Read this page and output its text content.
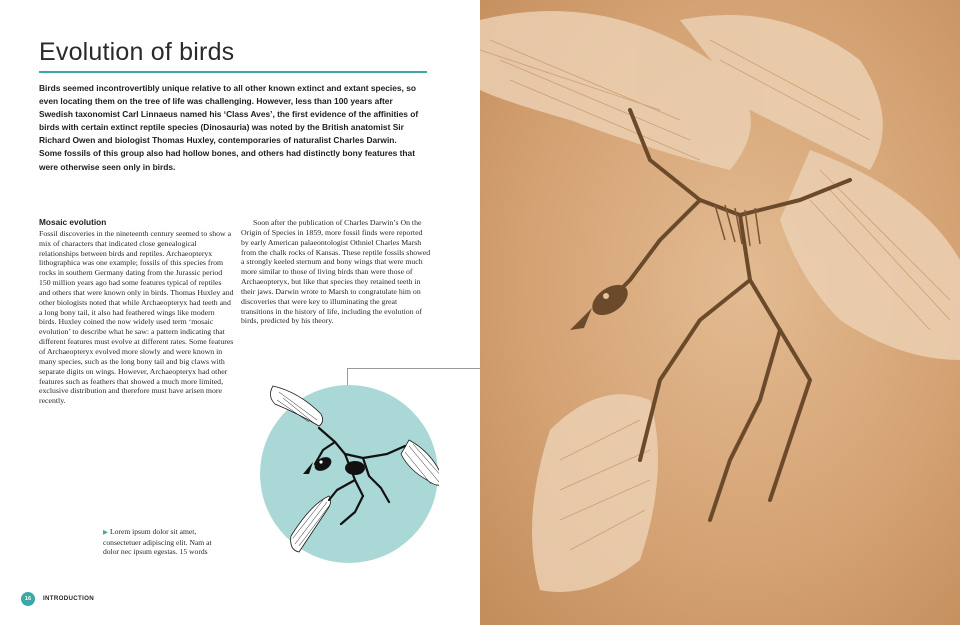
Evolution of birds

Birds seemed incontrovertibly unique relative to all other known extinct and extant species, so even locating them on the tree of life was challenging. However, less than 100 years after Swedish taxonomist Carl Linnaeus named his ‘Class Aves’, the first evidence of the affinities of birds with certain extinct reptile species (Dinosauria) was noted by the British anatomist Sir Richard Owen and biologist Thomas Huxley, contemporaries of naturalist Charles Darwin. Some fossils of this group also had hollow bones, and others had distinctly bony features that were otherwise seen only in birds.

Mosaic evolution

Fossil discoveries in the nineteenth century seemed to show a mix of characters that indicated close genealogical relationships between birds and reptiles. Archaeopteryx lithographica was one example; fossils of this species from rocks in southern Germany dating from the Jurassic period 150 million years ago had some features typical of reptiles and others that were known only in birds. Thomas Huxley and other biologists noted that while Archaeopteryx had teeth and a long bony tail, it also had feathered wings like modern birds. Huxley coined the now widely used term ‘mosaic evolution’ to describe what he saw: a pattern indicating that different features must evolve at different rates. Some features of Archaeopteryx evolved more slowly and were known in many species, such as the long bony tail and big claws with separate digits on wings. However, Archaeopteryx had other features such as feathers that showed a much more limited, exclusive distribution and therefore must have arisen more recently.

Soon after the publication of Charles Darwin’s On the Origin of Species in 1859, more fossil finds were reported by early American palaeontologist Othniel Charles Marsh from the chalk rocks of Kansas. These reptile fossils showed a strongly keeled sternum and bony wings that were much more similar to those of living birds than were those of Archaeopteryx, but like that species they retained teeth in their jaws. Darwin wrote to Marsh to congratulate him on discoveries that were key to illuminating the great transitions in the history of life, including the evolution of birds, predicted by his theory.

▶ Lorem ipsum dolor sit amet, consectetuer adipiscing elit. Nam at dolor nec ipsum egestas. 15 words
16	INTRODUCTION
